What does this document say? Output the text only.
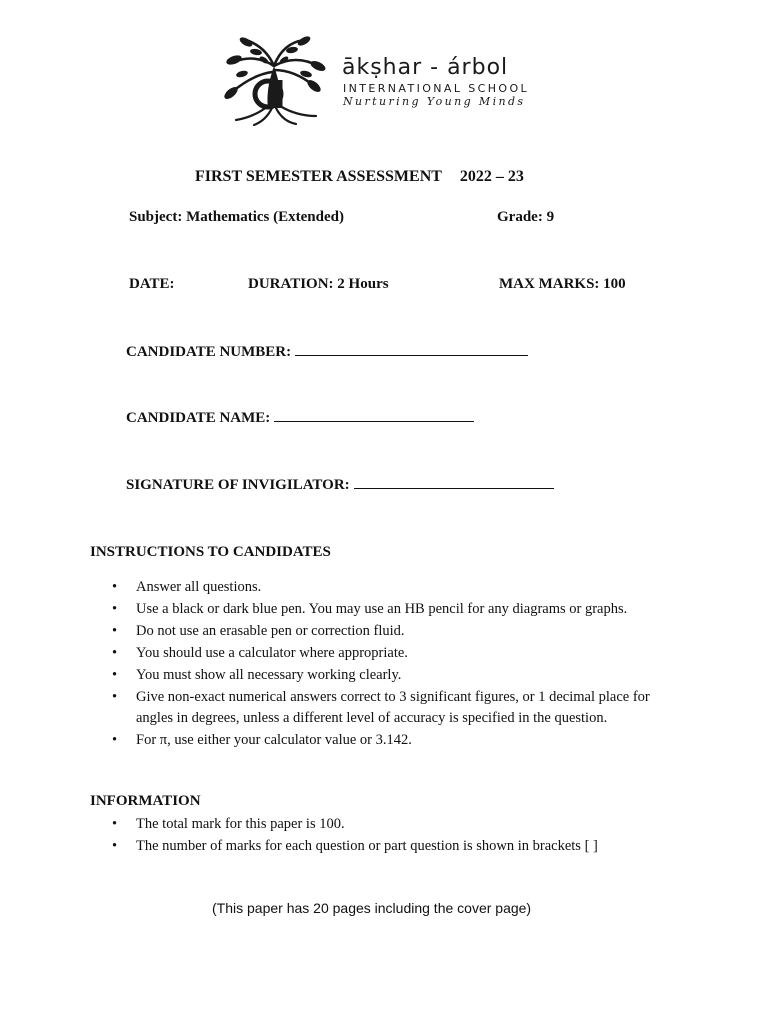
ākṣhar - árbol
INTERNATIONAL SCHOOL
Nurturing Young Minds
FIRST SEMESTER ASSESSMENT 2022 – 23
Subject: Mathematics (Extended)	Grade: 9
DATE:	DURATION: 2 Hours	MAX MARKS: 100
CANDIDATE NUMBER:
CANDIDATE NAME:
SIGNATURE OF INVIGILATOR:
INSTRUCTIONS TO CANDIDATES
• Answer all questions.
• Use a black or dark blue pen. You may use an HB pencil for any diagrams or graphs.
• Do not use an erasable pen or correction fluid.
• You should use a calculator where appropriate.
• You must show all necessary working clearly.
• Give non-exact numerical answers correct to 3 significant figures, or 1 decimal place for angles in degrees, unless a different level of accuracy is specified in the question.
• For π, use either your calculator value or 3.142.
INFORMATION
• The total mark for this paper is 100.
• The number of marks for each question or part question is shown in brackets [ ]
(This paper has 20 pages including the cover page)
